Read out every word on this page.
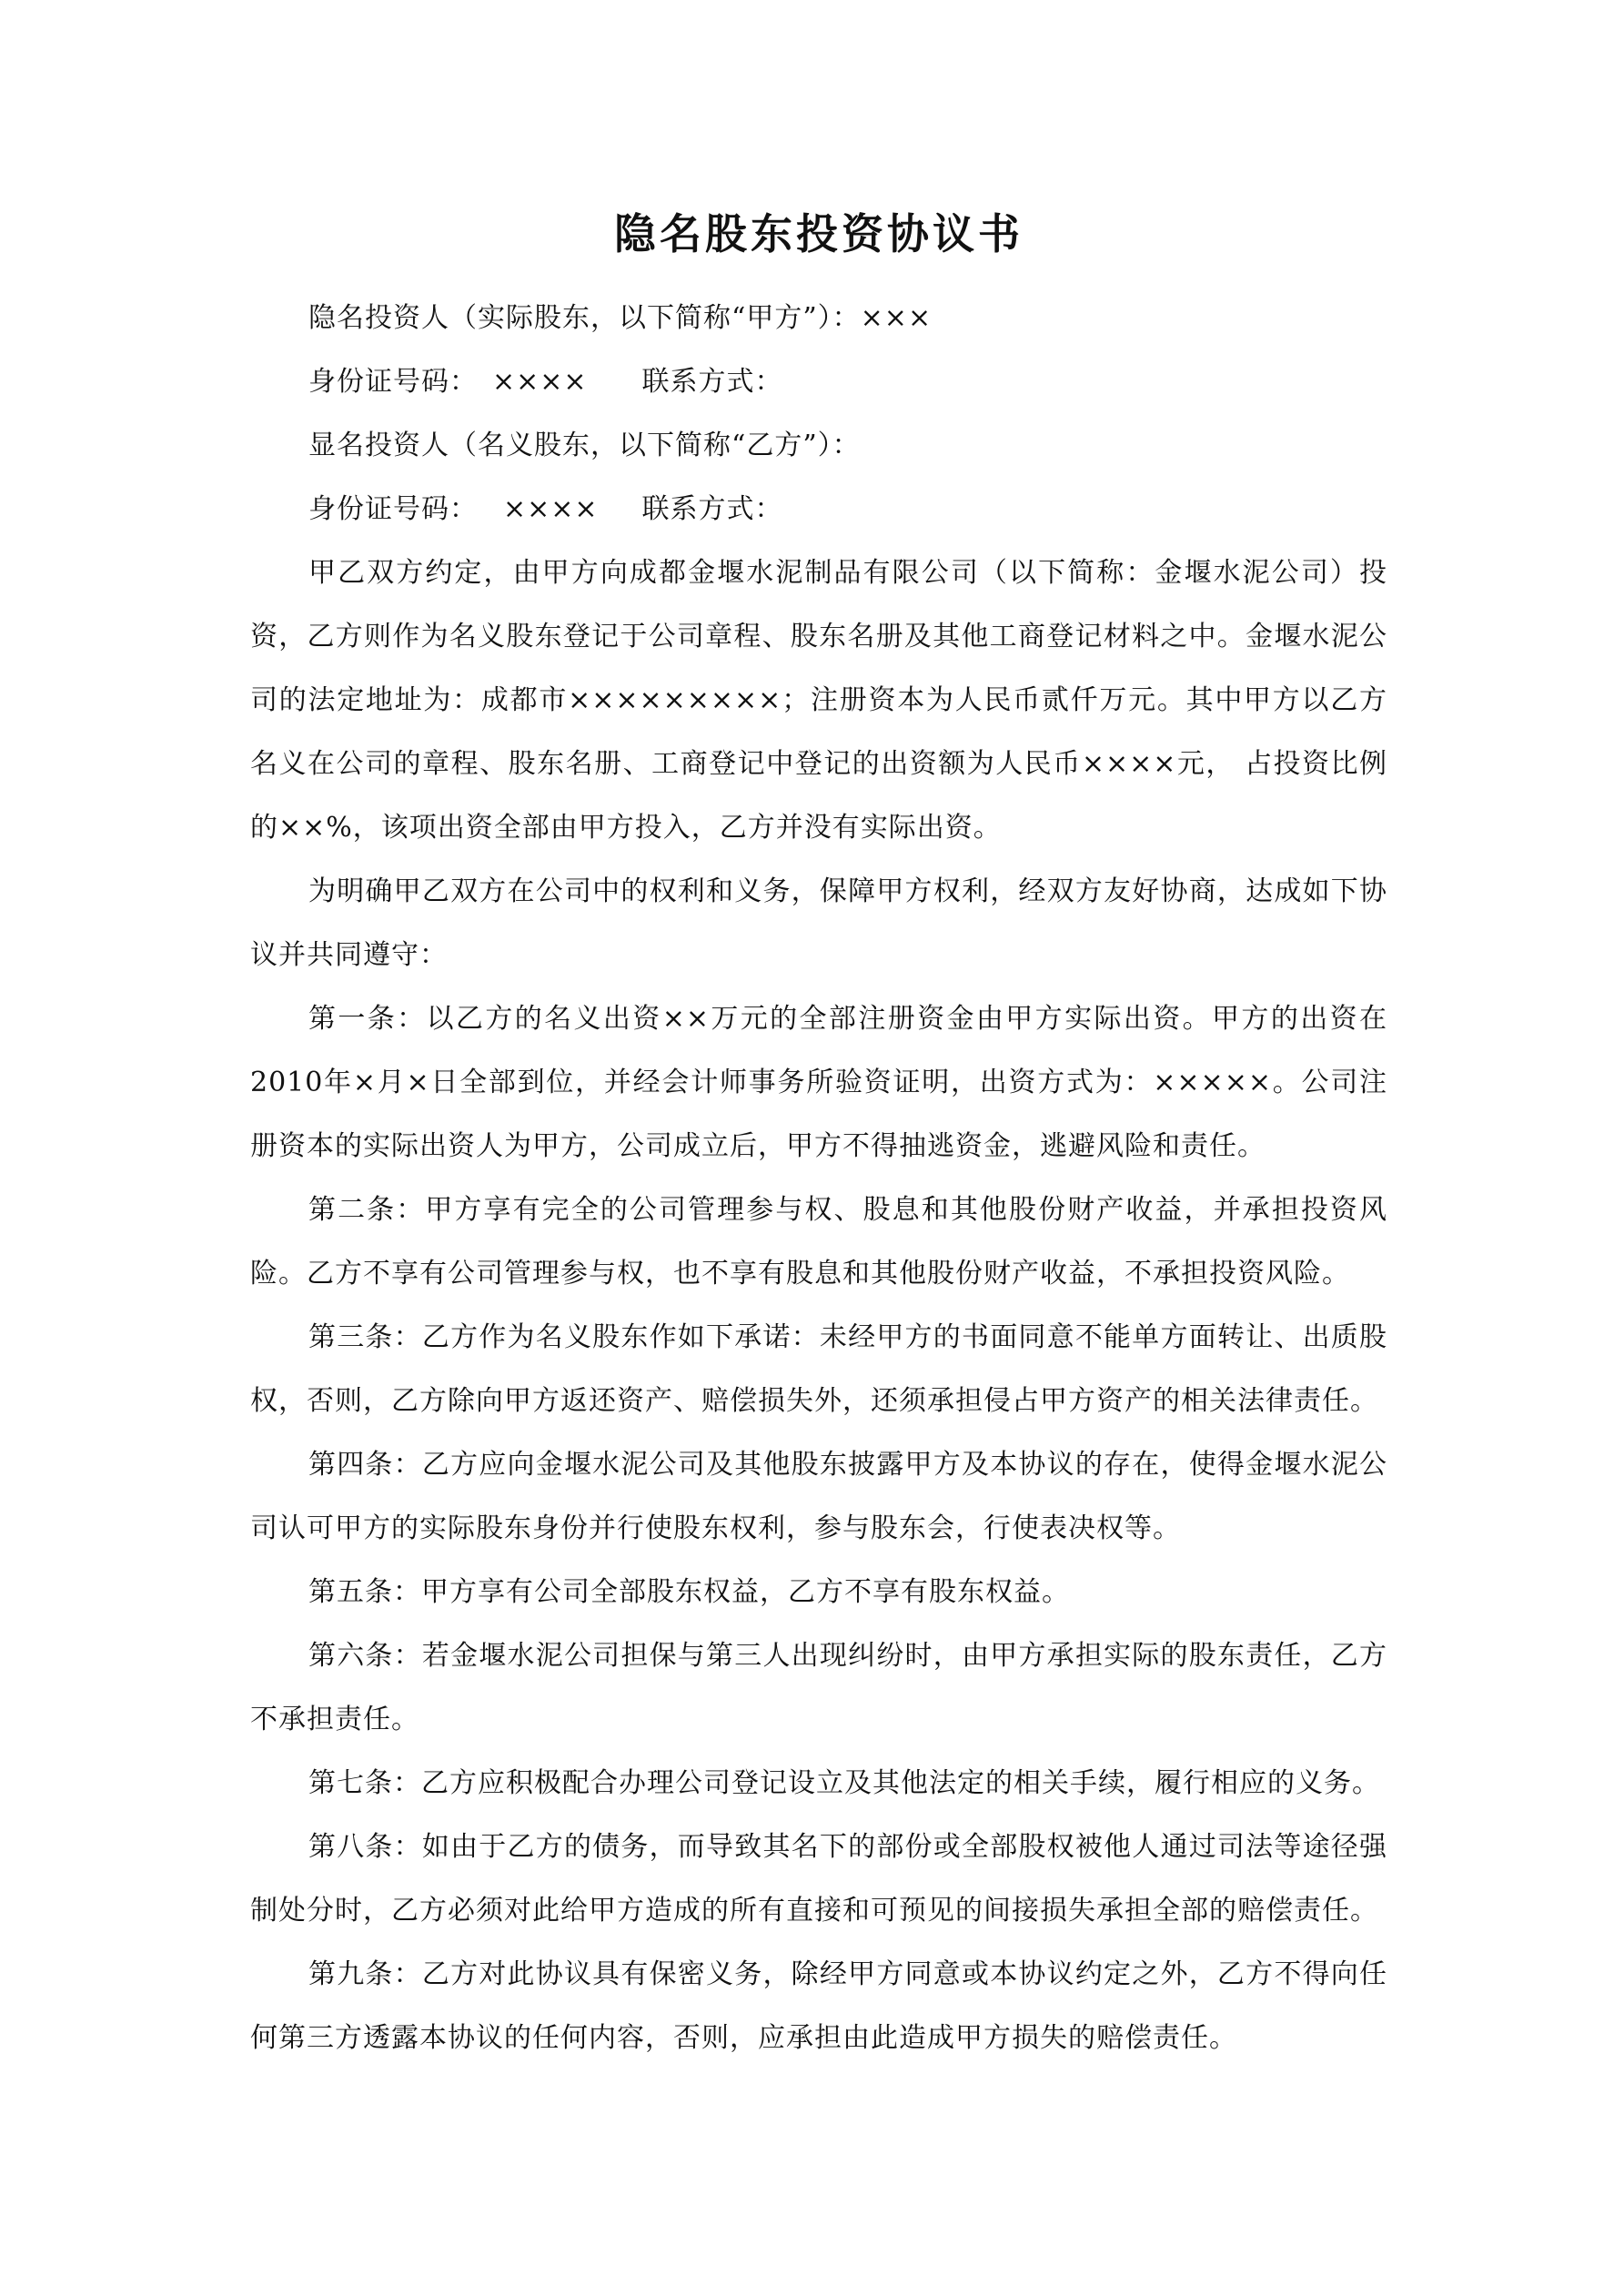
隐名股东投资协议书

隐名投资人（实际股东，以下简称“甲方”）：×××

身份证号码： ×××× 联系方式：

显名投资人（名义股东，以下简称“乙方”）：

身份证号码： ×××× 联系方式：

甲乙双方约定，由甲方向成都金堰水泥制品有限公司（以下简称：金堰水泥公司）投资，乙方则作为名义股东登记于公司章程、股东名册及其他工商登记材料之中。金堰水泥公司的法定地址为：成都市×××××××××；注册资本为人民币贰仟万元。其中甲方以乙方名义在公司的章程、股东名册、工商登记中登记的出资额为人民币××××元， 占投资比例的××%，该项出资全部由甲方投入，乙方并没有实际出资。

为明确甲乙双方在公司中的权利和义务，保障甲方权利，经双方友好协商，达成如下协议并共同遵守：

第一条：以乙方的名义出资××万元的全部注册资金由甲方实际出资。甲方的出资在2010年×月×日全部到位，并经会计师事务所验资证明，出资方式为：×××××。公司注册资本的实际出资人为甲方，公司成立后，甲方不得抽逃资金，逃避风险和责任。

第二条：甲方享有完全的公司管理参与权、股息和其他股份财产收益，并承担投资风险。乙方不享有公司管理参与权，也不享有股息和其他股份财产收益，不承担投资风险。

第三条：乙方作为名义股东作如下承诺：未经甲方的书面同意不能单方面转让、出质股权，否则，乙方除向甲方返还资产、赔偿损失外，还须承担侵占甲方资产的相关法律责任。

第四条：乙方应向金堰水泥公司及其他股东披露甲方及本协议的存在，使得金堰水泥公司认可甲方的实际股东身份并行使股东权利，参与股东会，行使表决权等。

第五条：甲方享有公司全部股东权益，乙方不享有股东权益。

第六条：若金堰水泥公司担保与第三人出现纠纷时，由甲方承担实际的股东责任，乙方不承担责任。

第七条：乙方应积极配合办理公司登记设立及其他法定的相关手续，履行相应的义务。

第八条：如由于乙方的债务，而导致其名下的部份或全部股权被他人通过司法等途径强制处分时，乙方必须对此给甲方造成的所有直接和可预见的间接损失承担全部的赔偿责任。

第九条：乙方对此协议具有保密义务，除经甲方同意或本协议约定之外，乙方不得向任何第三方透露本协议的任何内容，否则，应承担由此造成甲方损失的赔偿责任。
